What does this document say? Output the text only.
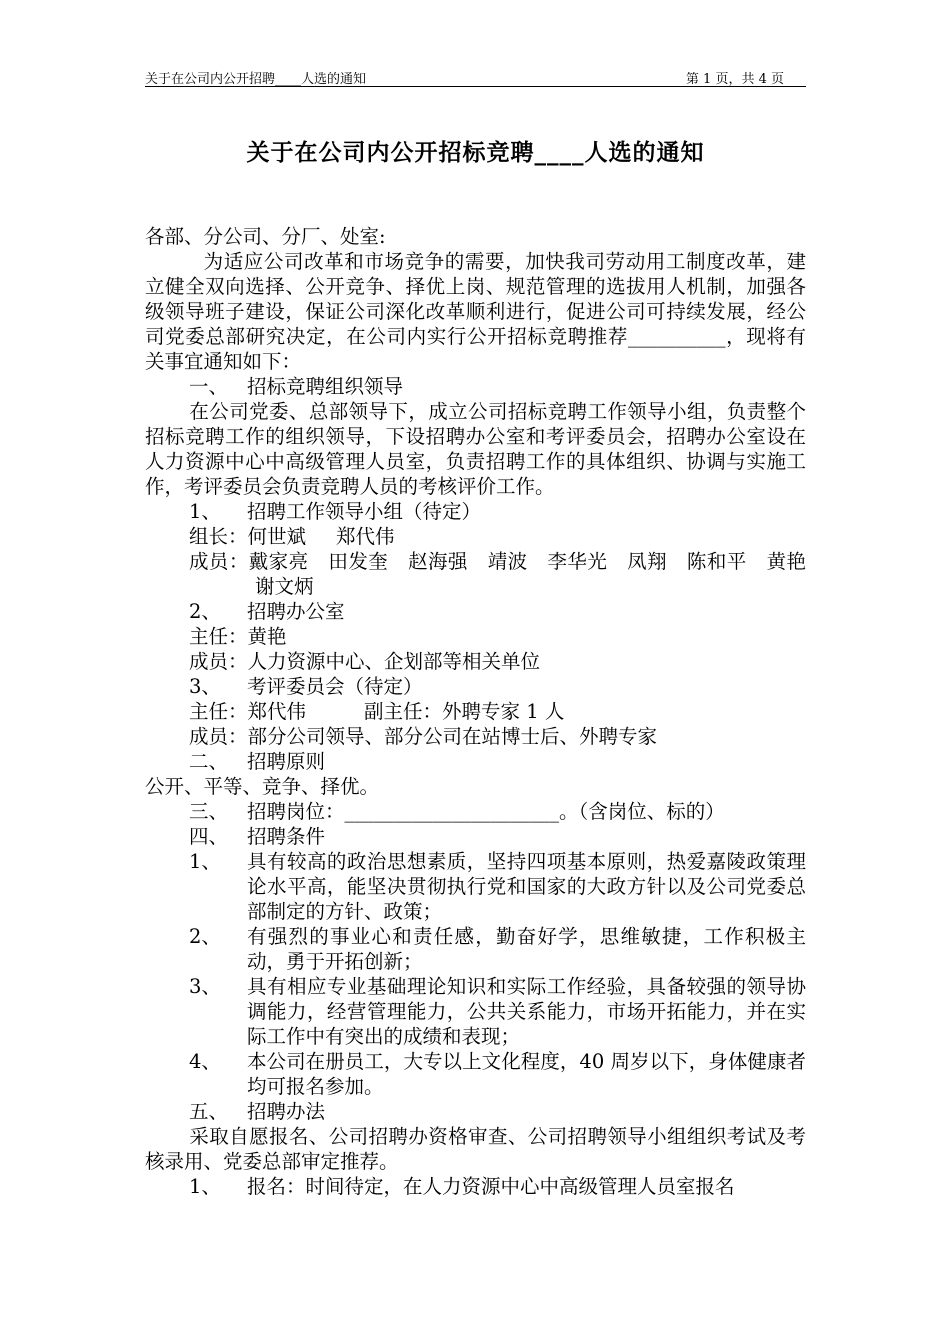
关于在公司内公开招聘____人选的通知	第 1 页，共 4 页
关于在公司内公开招标竞聘____人选的通知

各部、分公司、分厂、处室:

为适应公司改革和市场竞争的需要，加快我司劳动用工制度改革，建立健全双向选择、公开竞争、择优上岗、规范管理的选拔用人机制，加强各级领导班子建设，保证公司深化改革顺利进行，促进公司可持续发展，经公司党委总部研究决定，在公司内实行公开招标竞聘推荐__________，现将有关事宜通知如下：

一、 招标竞聘组织领导

在公司党委、总部领导下，成立公司招标竞聘工作领导小组，负责整个招标竞聘工作的组织领导，下设招聘办公室和考评委员会，招聘办公室设在人力资源中心中高级管理人员室，负责招聘工作的具体组织、协调与实施工作，考评委员会负责竞聘人员的考核评价工作。

1、	招聘工作领导小组（待定）

组长：何世斌 郑代伟

成员：戴家亮　田发奎　赵海强　靖波　李华光　凤翔　陈和平　黄艳　谢文炳

2、	招聘办公室

主任：黄艳

成员：人力资源中心、企划部等相关单位

3、	考评委员会（待定）

主任：郑代伟	副主任：外聘专家 1 人

成员：部分公司领导、部分公司在站博士后、外聘专家

二、 招聘原则

公开、平等、竞争、择优。

三、 招聘岗位：______________________。（含岗位、标的）
四、 招聘条件
1、	具有较高的政治思想素质，坚持四项基本原则，热爱嘉陵政策理论水平高，能坚决贯彻执行党和国家的大政方针以及公司党委总部制定的方针、政策；
2、	有强烈的事业心和责任感，勤奋好学，思维敏捷，工作积极主动，勇于开拓创新；
3、	具有相应专业基础理论知识和实际工作经验，具备较强的领导协调能力，经营管理能力，公共关系能力，市场开拓能力，并在实际工作中有突出的成绩和表现；
4、	本公司在册员工，大专以上文化程度，40 周岁以下，身体健康者均可报名参加。
五、 招聘办法

采取自愿报名、公司招聘办资格审查、公司招聘领导小组组织考试及考核录用、党委总部审定推荐。

1、	报名：时间待定，在人力资源中心中高级管理人员室报名
